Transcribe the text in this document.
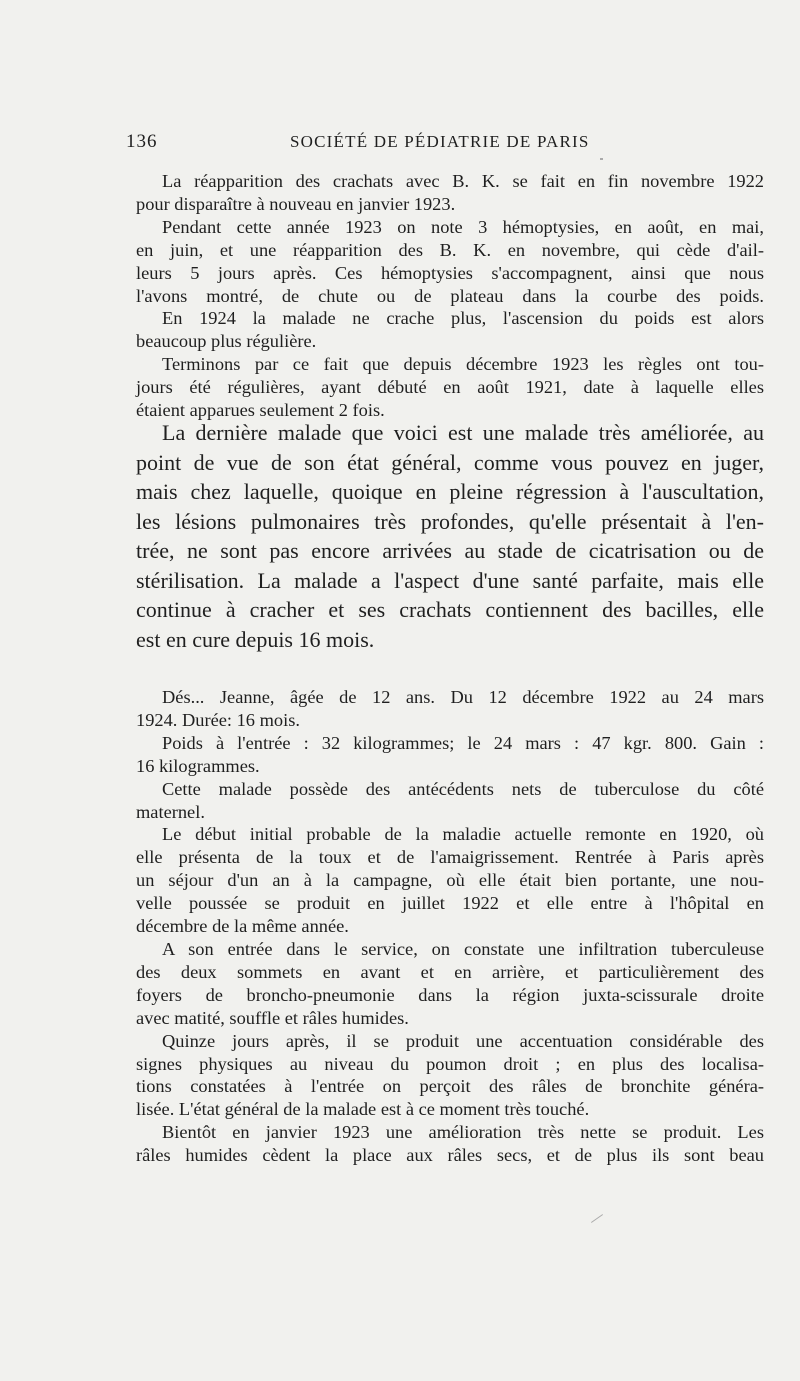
136	SOCIÉTÉ DE PÉDIATRIE DE PARIS
La réapparition des crachats avec B. K. se fait en fin novembre 1922
pour disparaître à nouveau en janvier 1923.
Pendant cette année 1923 on note 3 hémoptysies, en août, en mai,
en juin, et une réapparition des B. K. en novembre, qui cède d'ail-
leurs 5 jours après. Ces hémoptysies s'accompagnent, ainsi que nous
l'avons montré, de chute ou de plateau dans la courbe des poids.
En 1924 la malade ne crache plus, l'ascension du poids est alors
beaucoup plus régulière.
Terminons par ce fait que depuis décembre 1923 les règles ont tou-
jours été régulières, ayant débuté en août 1921, date à laquelle elles
étaient apparues seulement 2 fois.
La dernière malade que voici est une malade très améliorée, au
point de vue de son état général, comme vous pouvez en juger,
mais chez laquelle, quoique en pleine régression à l'auscultation,
les lésions pulmonaires très profondes, qu'elle présentait à l'en-
trée, ne sont pas encore arrivées au stade de cicatrisation ou de
stérilisation. La malade a l'aspect d'une santé parfaite, mais elle
continue à cracher et ses crachats contiennent des bacilles, elle
est en cure depuis 16 mois.
Dés... Jeanne, âgée de 12 ans. Du 12 décembre 1922 au 24 mars
1924. Durée: 16 mois.
Poids à l'entrée : 32 kilogrammes; le 24 mars : 47 kgr. 800. Gain :
16 kilogrammes.
Cette malade possède des antécédents nets de tuberculose du côté
maternel.
Le début initial probable de la maladie actuelle remonte en 1920, où
elle présenta de la toux et de l'amaigrissement. Rentrée à Paris après
un séjour d'un an à la campagne, où elle était bien portante, une nou-
velle poussée se produit en juillet 1922 et elle entre à l'hôpital en
décembre de la même année.
A son entrée dans le service, on constate une infiltration tuberculeuse
des deux sommets en avant et en arrière, et particulièrement des
foyers de broncho-pneumonie dans la région juxta-scissurale droite
avec matité, souffle et râles humides.
Quinze jours après, il se produit une accentuation considérable des
signes physiques au niveau du poumon droit ; en plus des localisa-
tions constatées à l'entrée on perçoit des râles de bronchite généra-
lisée. L'état général de la malade est à ce moment très touché.
Bientôt en janvier 1923 une amélioration très nette se produit. Les
râles humides cèdent la place aux râles secs, et de plus ils sont beau
